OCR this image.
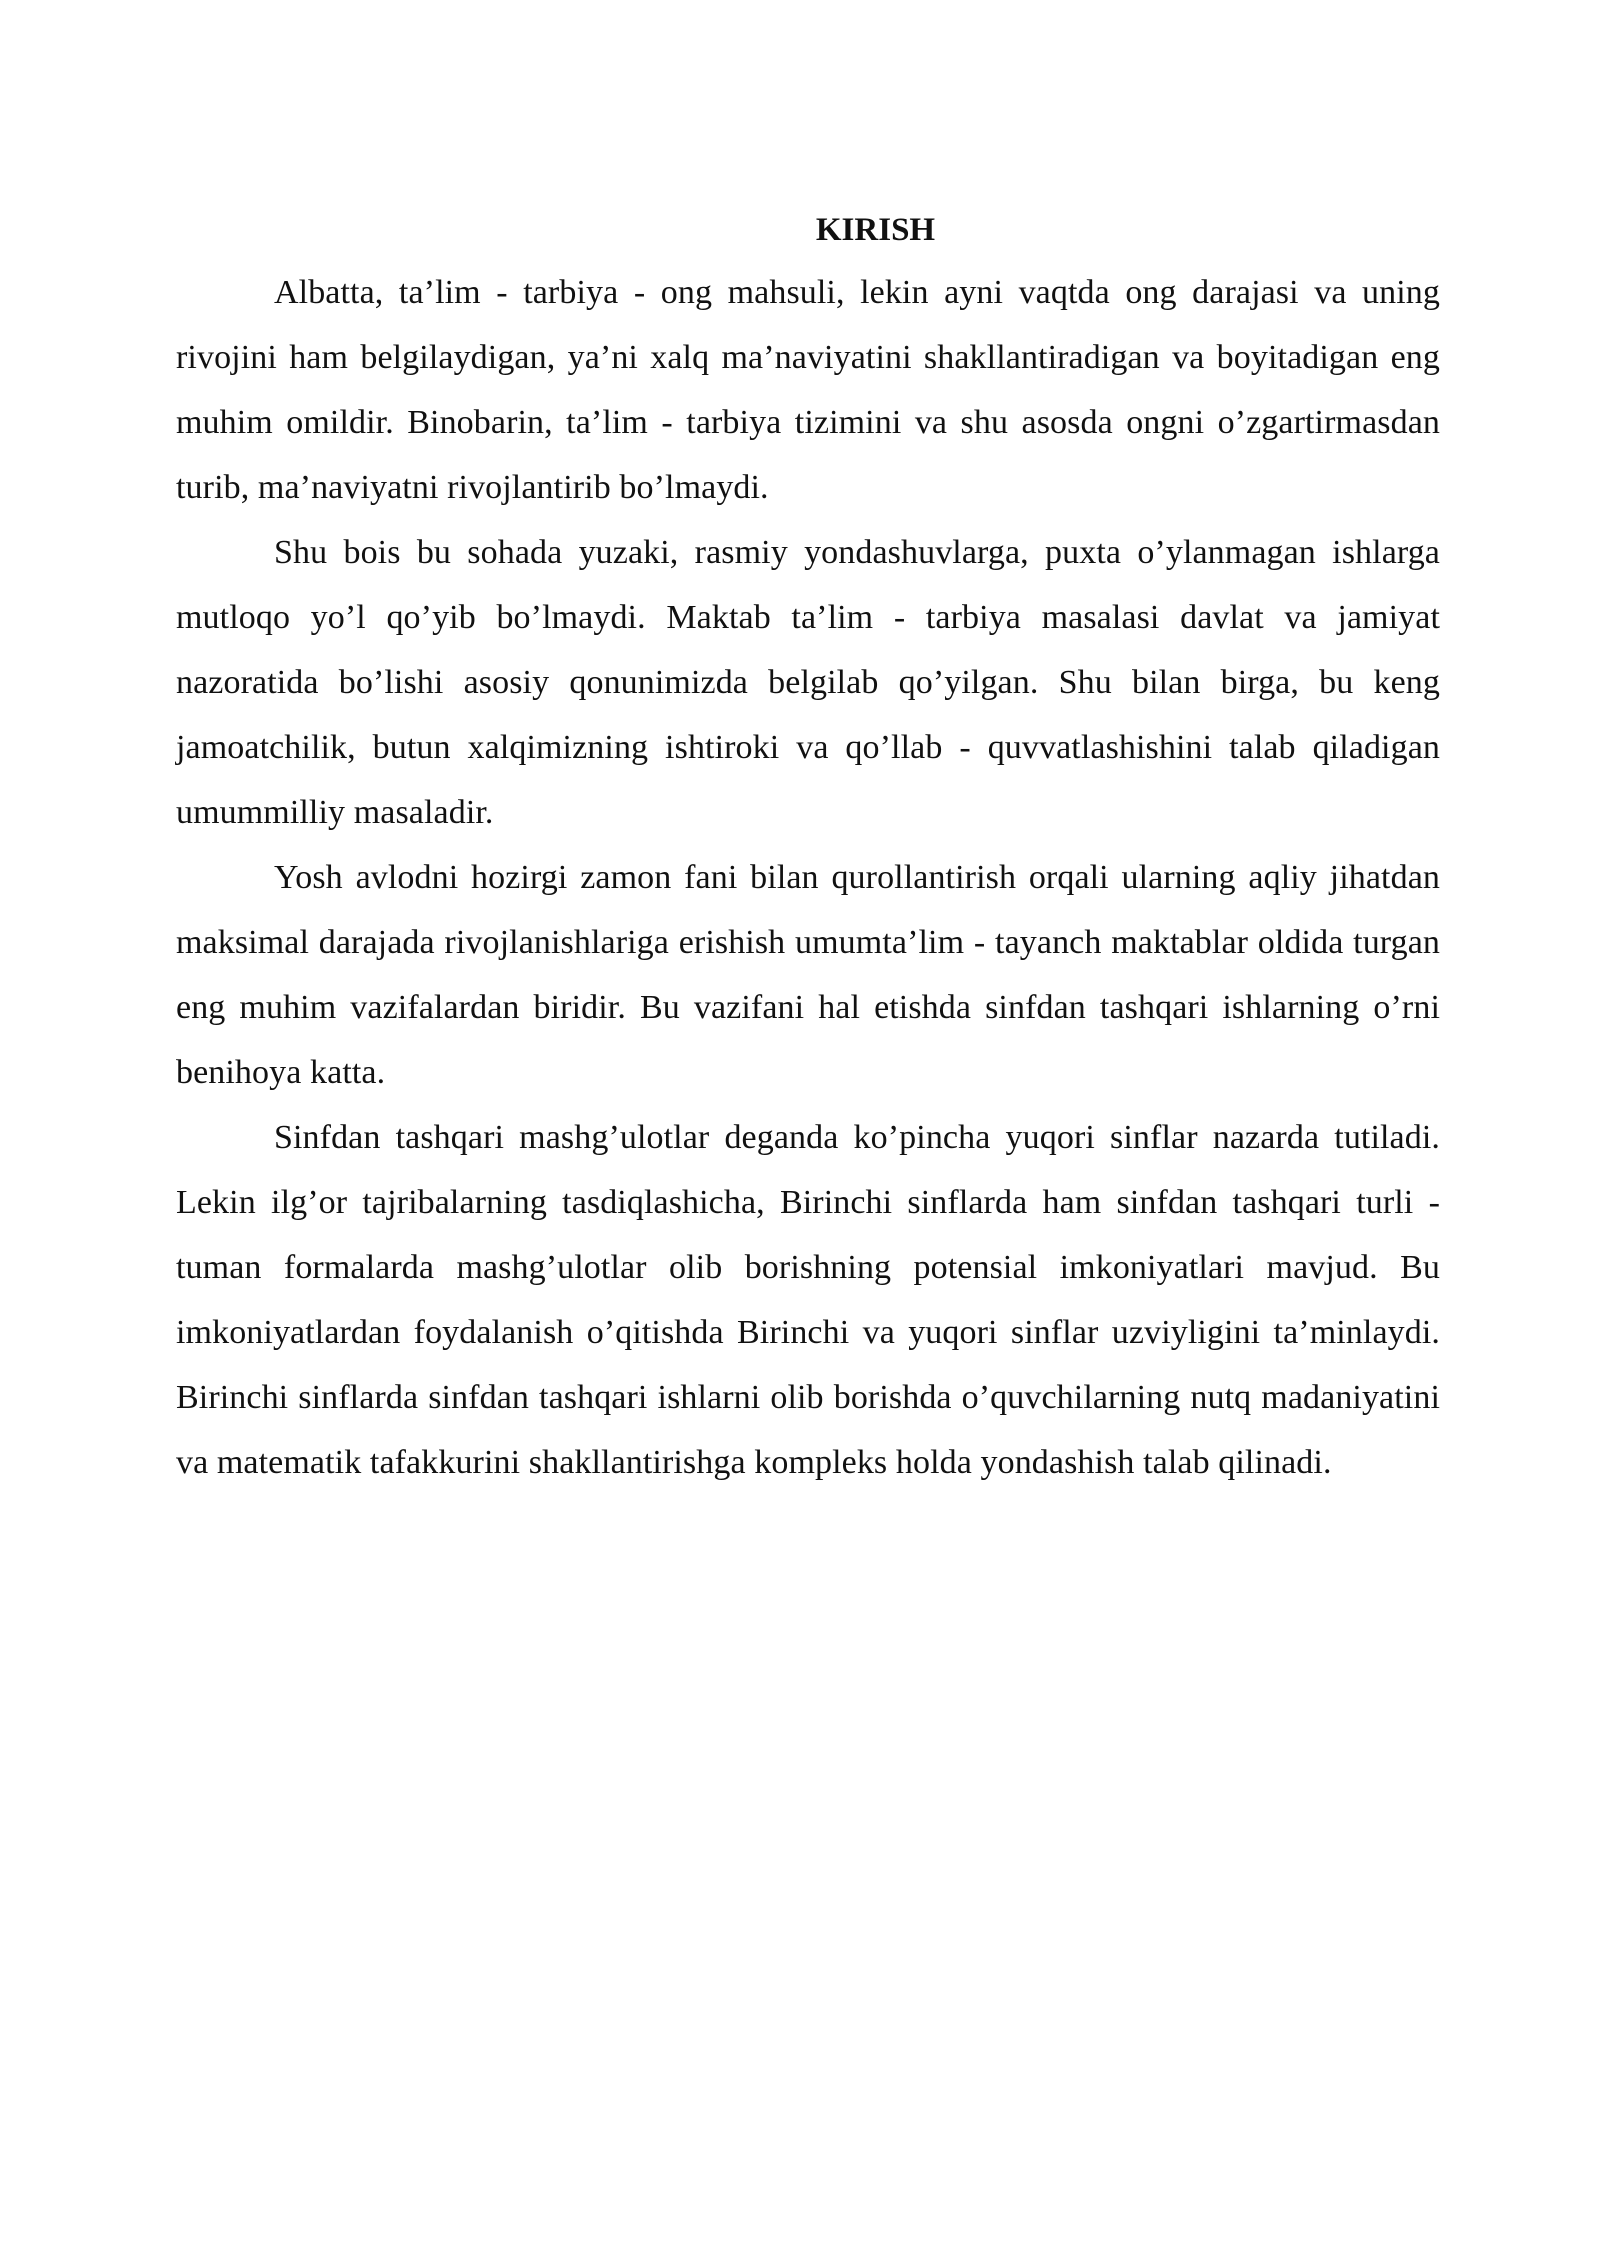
KIRISH

Albatta, ta’lim - tarbiya - ong mahsuli, lekin ayni vaqtda ong darajasi va uning rivojini ham belgilaydigan, ya’ni xalq ma’naviyatini shakllantiradigan va boyitadigan eng muhim omildir. Binobarin, ta’lim - tarbiya tizimini va shu asosda ongni o’zgartirmasdan turib, ma’naviyatni rivojlantirib bo’lmaydi.

Shu bois bu sohada yuzaki, rasmiy yondashuvlarga, puxta o’ylanmagan ishlarga mutloqo yo’l qo’yib bo’lmaydi. Maktab ta’lim - tarbiya masalasi davlat va jamiyat nazoratida bo’lishi asosiy qonunimizda belgilab qo’yilgan. Shu bilan birga, bu keng jamoatchilik, butun xalqimizning ishtiroki va qo’llab - quvvatlashishini talab qiladigan umummilliy masaladir.

Yosh avlodni hozirgi zamon fani bilan qurollantirish orqali ularning aqliy jihatdan maksimal darajada rivojlanishlariga erishish umumta’lim - tayanch maktablar oldida turgan eng muhim vazifalardan biridir. Bu vazifani hal etishda sinfdan tashqari ishlarning o’rni benihoya katta.

Sinfdan tashqari mashg’ulotlar deganda ko’pincha yuqori sinflar nazarda tutiladi. Lekin ilg’or tajribalarning tasdiqlashicha, Birinchi sinflarda ham sinfdan tashqari turli - tuman formalarda mashg’ulotlar olib borishning potensial imkoniyatlari mavjud. Bu imkoniyatlardan foydalanish o’qitishda Birinchi va yuqori sinflar uzviyligini ta’minlaydi. Birinchi sinflarda sinfdan tashqari ishlarni olib borishda o’quvchilarning nutq madaniyatini va matematik tafakkurini shakllantirishga kompleks holda yondashish talab qilinadi.
